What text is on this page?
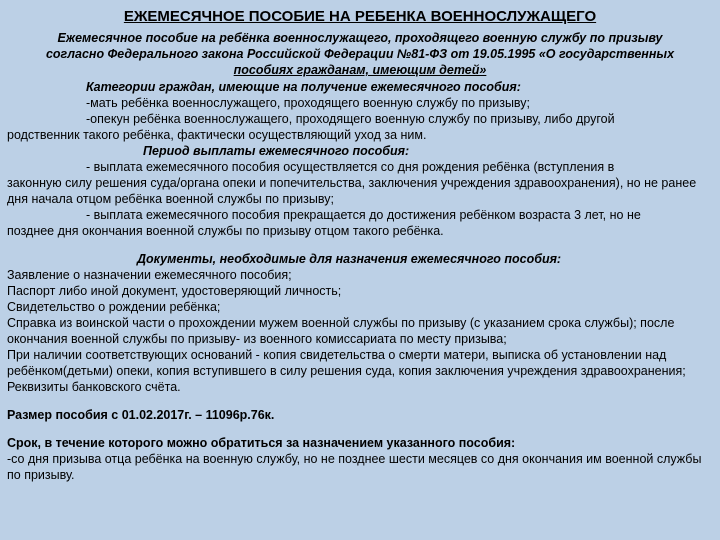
ЕЖЕМЕСЯЧНОЕ ПОСОБИЕ НА РЕБЕНКА ВОЕННОСЛУЖАЩЕГО
Ежемесячное пособие на ребёнка военнослужащего, проходящего военную службу по призыву
согласно Федерального закона Российской Федерации №81-ФЗ от 19.05.1995 «О государственных
пособиях гражданам, имеющим детей»

Категории граждан, имеющие на получение ежемесячного пособия:

-мать ребёнка военнослужащего, проходящего военную службу по призыву;

-опекун ребёнка военнослужащего, проходящего военную службу по призыву, либо другой

родственник такого ребёнка, фактически осуществляющий уход за ним.

Период выплаты ежемесячного пособия:

- выплата ежемесячного пособия осуществляется со дня рождения ребёнка (вступления в

законную силу решения суда/органа опеки и попечительства, заключения учреждения здравоохранения), но не ранее дня начала отцом ребёнка военной службы по призыву;

- выплата ежемесячного пособия прекращается до достижения ребёнком возраста 3 лет, но не

позднее дня окончания военной службы по призыву отцом такого ребёнка.

Документы, необходимые для назначения ежемесячного пособия:

Заявление о назначении ежемесячного пособия;

Паспорт либо иной документ, удостоверяющий личность;

Свидетельство о рождении ребёнка;

Справка из воинской части о прохождении мужем военной службы по призыву (с указанием срока службы); после окончания военной службы по призыву- из военного комиссариата по месту призыва;

При наличии соответствующих оснований - копия свидетельства о смерти матери, выписка об установлении над ребёнком(детьми) опеки, копия вступившего в силу решения суда, копия заключения учреждения здравоохранения;

Реквизиты банковского счёта.

Размер пособия с 01.02.2017г. – 11096р.76к.

Срок, в течение которого можно обратиться за назначением указанного пособия:

-со дня призыва отца ребёнка на военную службу, но не позднее шести месяцев со дня окончания им военной службы по призыву.
